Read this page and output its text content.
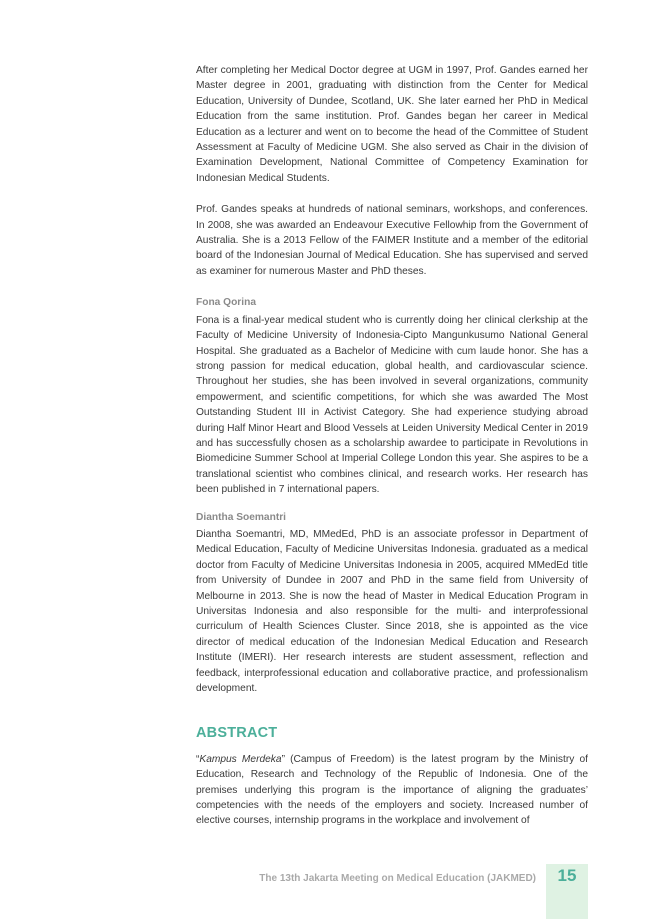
After completing her Medical Doctor degree at UGM in 1997, Prof. Gandes earned her Master degree in 2001, graduating with distinction from the Center for Medical Education, University of Dundee, Scotland, UK. She later earned her PhD in Medical Education from the same institution. Prof. Gandes began her career in Medical Education as a lecturer and went on to become the head of the Committee of Student Assessment at Faculty of Medicine UGM. She also served as Chair in the division of Examination Development, National Committee of Competency Examination for Indonesian Medical Students.

Prof. Gandes speaks at hundreds of national seminars, workshops, and conferences. In 2008, she was awarded an Endeavour Executive Fellowhip from the Government of Australia. She is a 2013 Fellow of the FAIMER Institute and a member of the editorial board of the Indonesian Journal of Medical Education. She has supervised and served as examiner for numerous Master and PhD theses.

Fona Qorina

Fona is a final-year medical student who is currently doing her clinical clerkship at the Faculty of Medicine University of Indonesia-Cipto Mangunkusumo National General Hospital. She graduated as a Bachelor of Medicine with cum laude honor. She has a strong passion for medical education, global health, and cardiovascular science. Throughout her studies, she has been involved in several organizations, community empowerment, and scientific competitions, for which she was awarded The Most Outstanding Student III in Activist Category. She had experience studying abroad during Half Minor Heart and Blood Vessels at Leiden University Medical Center in 2019 and has successfully chosen as a scholarship awardee to participate in Revolutions in Biomedicine Summer School at Imperial College London this year. She aspires to be a translational scientist who combines clinical, and research works. Her research has been published in 7 international papers.

Diantha Soemantri

Diantha Soemantri, MD, MMedEd, PhD is an associate professor in Department of Medical Education, Faculty of Medicine Universitas Indonesia. graduated as a medical doctor from Faculty of Medicine Universitas Indonesia in 2005, acquired MMedEd title from University of Dundee in 2007 and PhD in the same field from University of Melbourne in 2013. She is now the head of Master in Medical Education Program in Universitas Indonesia and also responsible for the multi- and interprofessional curriculum of Health Sciences Cluster. Since 2018, she is appointed as the vice director of medical education of the Indonesian Medical Education and Research Institute (IMERI). Her research interests are student assessment, reflection and feedback, interprofessional education and collaborative practice, and professionalism development.

ABSTRACT

“Kampus Merdeka” (Campus of Freedom) is the latest program by the Ministry of Education, Research and Technology of the Republic of Indonesia. One of the premises underlying this program is the importance of aligning the graduates’ competencies with the needs of the employers and society. Increased number of elective courses, internship programs in the workplace and involvement of

The 13th Jakarta Meeting on Medical Education (JAKMED)	15
